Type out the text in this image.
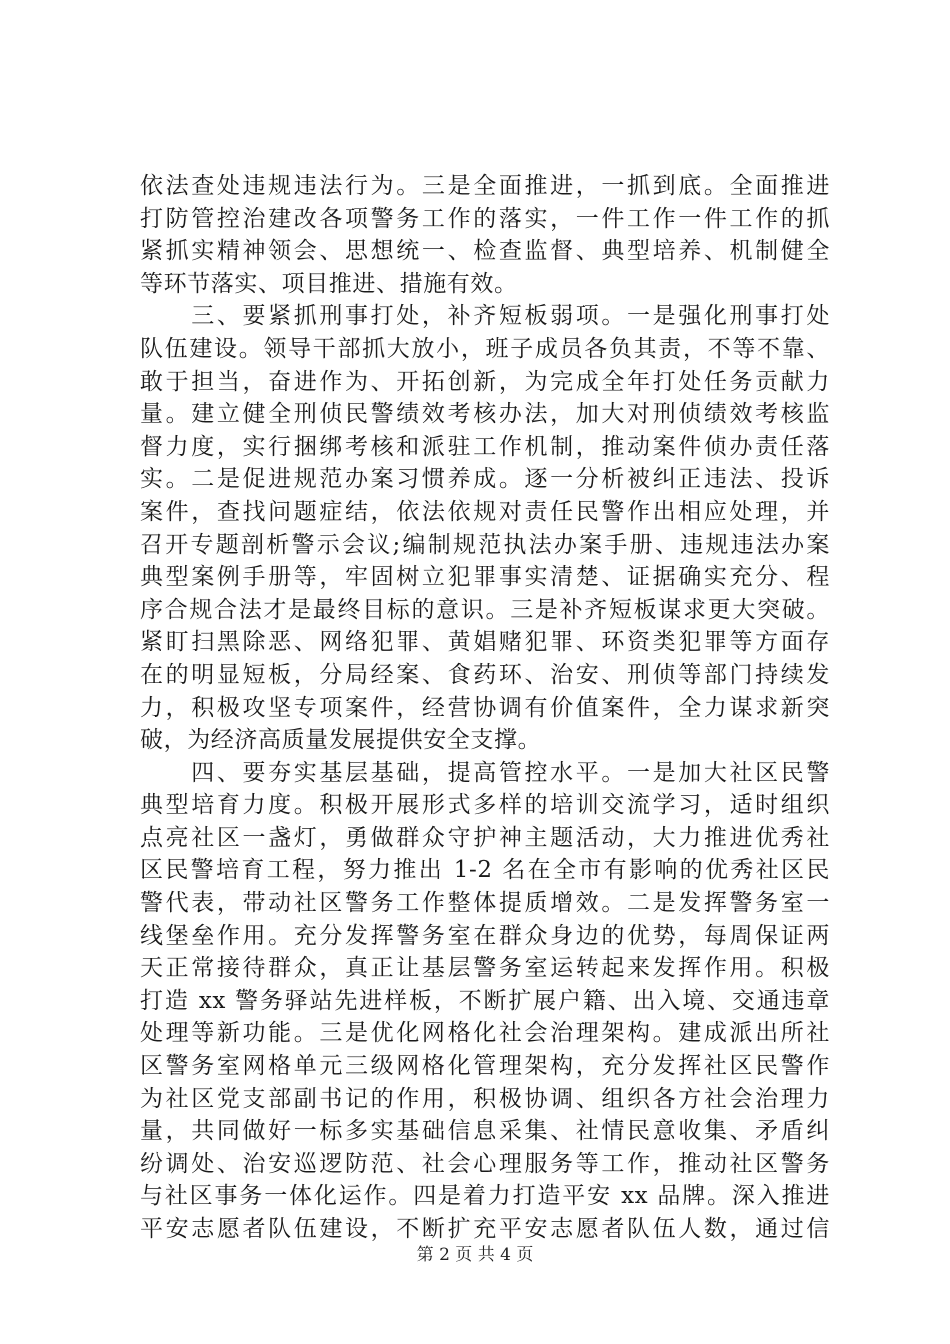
依法查处违规违法行为。三是全面推进，一抓到底。全面推进
打防管控治建改各项警务工作的落实，一件工作一件工作的抓
紧抓实精神领会、思想统一、检查监督、典型培养、机制健全
等环节落实、项目推进、措施有效。
　　三、要紧抓刑事打处，补齐短板弱项。一是强化刑事打处
队伍建设。领导干部抓大放小，班子成员各负其责，不等不靠、
敢于担当，奋进作为、开拓创新，为完成全年打处任务贡献力
量。建立健全刑侦民警绩效考核办法，加大对刑侦绩效考核监
督力度，实行捆绑考核和派驻工作机制，推动案件侦办责任落
实。二是促进规范办案习惯养成。逐一分析被纠正违法、投诉
案件，查找问题症结，依法依规对责任民警作出相应处理，并
召开专题剖析警示会议;编制规范执法办案手册、违规违法办案
典型案例手册等，牢固树立犯罪事实清楚、证据确实充分、程
序合规合法才是最终目标的意识。三是补齐短板谋求更大突破。
紧盯扫黑除恶、网络犯罪、黄娼赌犯罪、环资类犯罪等方面存
在的明显短板，分局经案、食药环、治安、刑侦等部门持续发
力，积极攻坚专项案件，经营协调有价值案件，全力谋求新突
破，为经济高质量发展提供安全支撑。
　　四、要夯实基层基础，提高管控水平。一是加大社区民警
典型培育力度。积极开展形式多样的培训交流学习，适时组织
点亮社区一盏灯，勇做群众守护神主题活动，大力推进优秀社
区民警培育工程，努力推出 1-2 名在全市有影响的优秀社区民
警代表，带动社区警务工作整体提质增效。二是发挥警务室一
线堡垒作用。充分发挥警务室在群众身边的优势，每周保证两
天正常接待群众，真正让基层警务室运转起来发挥作用。积极
打造 xx 警务驿站先进样板，不断扩展户籍、出入境、交通违章
处理等新功能。三是优化网格化社会治理架构。建成派出所社
区警务室网格单元三级网格化管理架构，充分发挥社区民警作
为社区党支部副书记的作用，积极协调、组织各方社会治理力
量，共同做好一标多实基础信息采集、社情民意收集、矛盾纠
纷调处、治安巡逻防范、社会心理服务等工作，推动社区警务
与社区事务一体化运作。四是着力打造平安 xx 品牌。深入推进
平安志愿者队伍建设，不断扩充平安志愿者队伍人数，通过信
第 2 页 共 4 页
